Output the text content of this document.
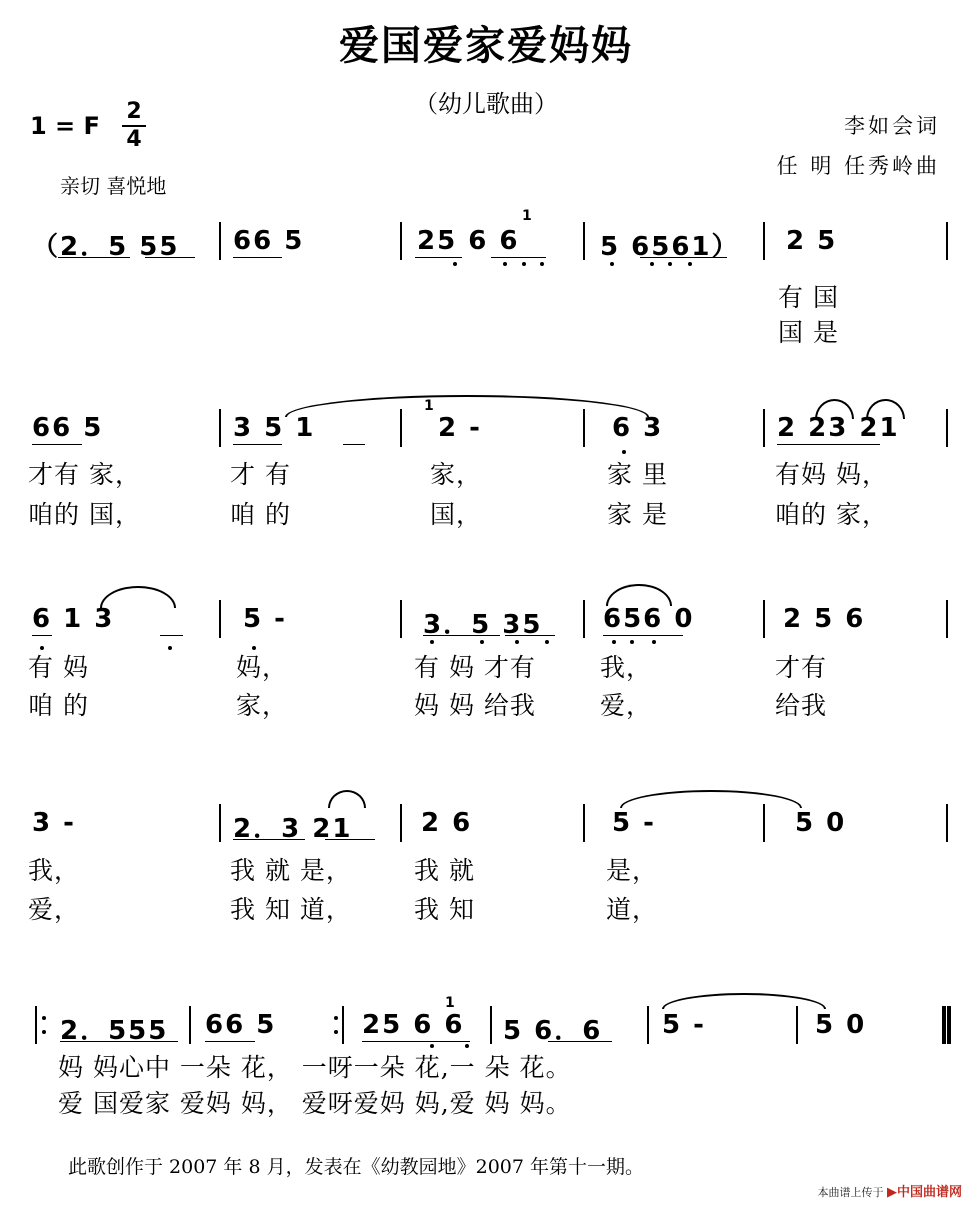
爱国爱家爱妈妈
（幼儿歌曲）
1 = F
2
4
亲切 喜悦地
李如会词
任 明 任秀岭曲
（2．5 55 66 5	25 6 6	5 6561） 2 5
有 国
国 是
1
66 5	3 5 1	2 -	6 3	2 23 21
才有 家，	才 有	家，	家 里	有妈 妈，
咱的 国，	咱 的	国，	家 是	咱的 家，
1
6 1 3	5 -	3．5 35 656 0	2 5 6
有 妈	妈，	有 妈 才有	我，	才有
咱 的	家，	妈 妈 给我	爱，	给我
3 -	2．3 21	2 6	5 -	5 0
我，	我 就 是， 我 就	是，
爱，	我 知 道， 我 知	道，
2．555 66 5	25 6 6 5 6．6 5 -	5 0
妈 妈心中 一朵 花， 一呀一朵 花,一 朵 花。
爱 国爱家 爱妈 妈， 爱呀爱妈 妈,爱 妈 妈。
1
此歌创作于 2007 年 8 月，发表在《幼教园地》2007 年第十一期。
本曲谱上传于 ▶中国曲谱网
